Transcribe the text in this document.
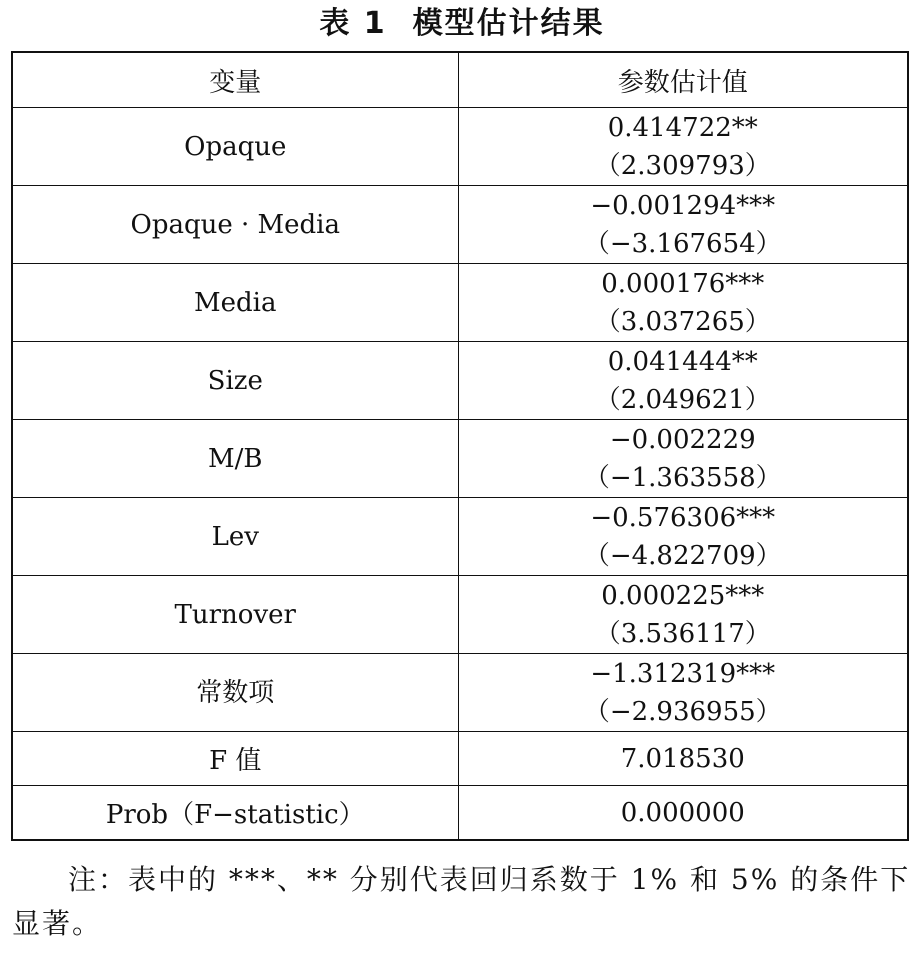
表 1 模型估计结果
变量	参数估计值
Opaque	0.414722**
（2.309793）

Opaque · Media	−0.001294***
（−3.167654）

Media	0.000176***
（3.037265）

Size	0.041444**
（2.049621）

M/B	−0.002229
（−1.363558）

Lev	−0.576306***
（−4.822709）

Turnover	0.000225***
（3.536117）

常数项	−1.312319***
（−2.936955）

F 值	7.018530
Prob（F−statistic）	0.000000
注：表中的 ***、** 分别代表回归系数于 1% 和 5% 的条件下显著。
